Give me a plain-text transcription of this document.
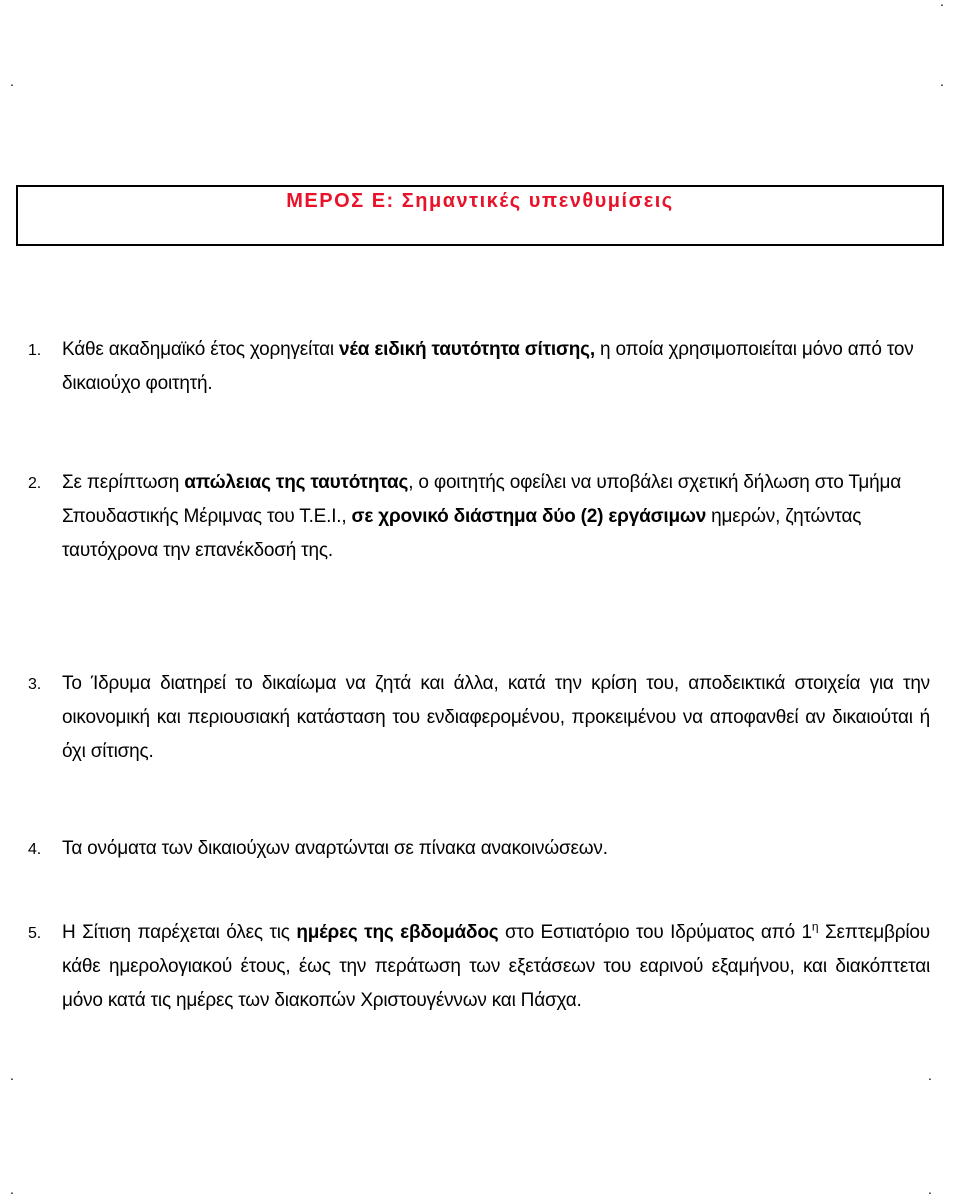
.
.
.
.	.
.	.
ΜΕΡΟΣ Ε: Σημαντικές υπενθυμίσεις
1. Κάθε ακαδημαϊκό έτος χορηγείται νέα ειδική ταυτότητα σίτισης, η οποία χρησιμοποιείται μόνο από τον δικαιούχο φοιτητή.
2. Σε περίπτωση απώλειας της ταυτότητας, ο φοιτητής οφείλει να υποβάλει σχετική δήλωση στο Τμήμα Σπουδαστικής Μέριμνας του Τ.Ε.Ι., σε χρονικό διάστημα δύο (2) εργάσιμων ημερών, ζητώντας ταυτόχρονα την επανέκδοσή της.
3. Το Ίδρυμα διατηρεί το δικαίωμα να ζητά και άλλα, κατά την κρίση του, αποδεικτικά στοιχεία για την οικονομική και περιουσιακή κατάσταση του ενδιαφερομένου, προκειμένου να αποφανθεί αν δικαιούται ή όχι σίτισης.
4. Τα ονόματα των δικαιούχων αναρτώνται σε πίνακα ανακοινώσεων.
5. Η Σίτιση παρέχεται όλες τις ημέρες της εβδομάδος στο Εστιατόριο του Ιδρύματος από $1^\eta$ Σεπτεμβρίου κάθε ημερολογιακού έτους, έως την περάτωση των εξετάσεων του εαρινού εξαμήνου, και διακόπτεται μόνο κατά τις ημέρες των διακοπών Χριστουγέννων και Πάσχα.
